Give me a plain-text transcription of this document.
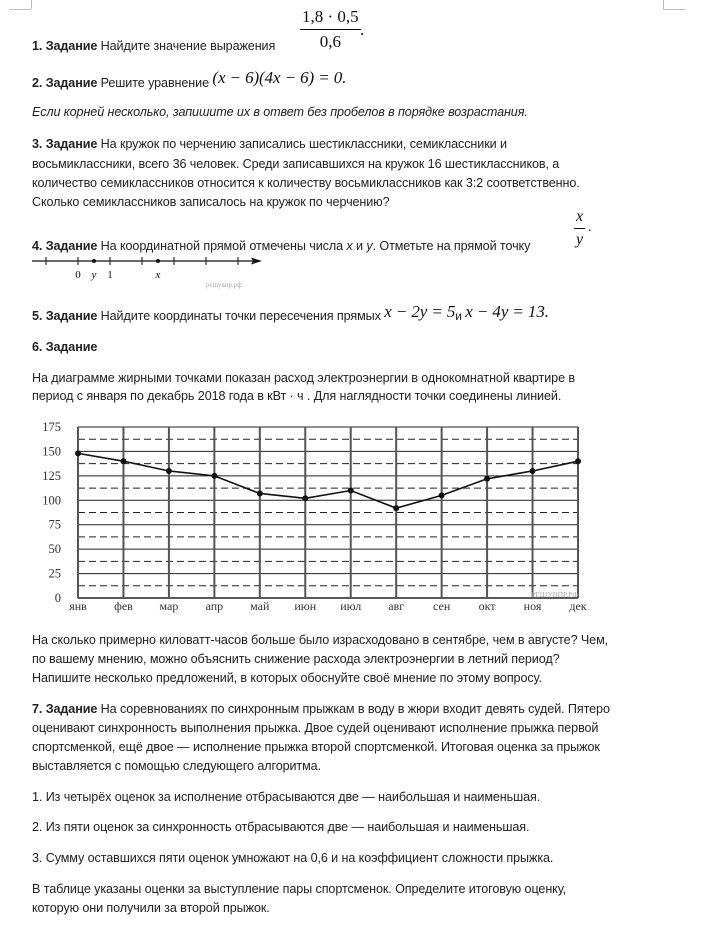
1. Задание Найдите значение выражения
1,8 · 0,5
0,6
.
2. Задание Решите уравнение (x − 6)(4x − 6) = 0.
Если корней несколько, запишите их в ответ без пробелов в порядке возрастания.
3. Задание На кружок по черчению записались шестиклассники, семиклассники и
восьмиклассники, всего 36 человек. Среди записавшихся на кружок 16 шестиклассников, а
количество семиклассников относится к количеству восьмиклассников как 3:2 соответственно.
Сколько семиклассников записалось на кружок по черчению?
4. Задание На координатной прямой отмечены числа x и y. Отметьте на прямой точку
x
y
.
0 y 1	x
решувпр.рф
5. Задание Найдите координаты точки пересечения прямых x − 2y = 5и x − 4y = 13.
6. Задание
На диаграмме жирными точками показан расход электроэнергии в однокомнатной квартире в
период с января по декабрь 2018 года в кВт · ч . Для наглядности точки соединены линией.
0
25
50
75
100
125
150
175
янв фев мар апр май июн июл авг сен окт ноя дек
РЕШУВПР.РФ
На сколько примерно киловатт-часов больше было израсходовано в сентябре, чем в августе? Чем,
по вашему мнению, можно объяснить снижение расхода электроэнергии в летний период?
Напишите несколько предложений, в которых обоснуйте своё мнение по этому вопросу.
7. Задание На соревнованиях по синхронным прыжкам в воду в жюри входит девять судей. Пятеро
оценивают синхронность выполнения прыжка. Двое судей оценивают исполнение прыжка первой
спортсменкой, ещё двое — исполнение прыжка второй спортсменкой. Итоговая оценка за прыжок
выставляется с помощью следующего алгоритма.
1. Из четырёх оценок за исполнение отбрасываются две — наибольшая и наименьшая.
2. Из пяти оценок за синхронность отбрасываются две — наибольшая и наименьшая.
3. Сумму оставшихся пяти оценок умножают на 0,6 и на коэффициент сложности прыжка.
В таблице указаны оценки за выступление пары спортсменок. Определите итоговую оценку,
которую они получили за второй прыжок.
